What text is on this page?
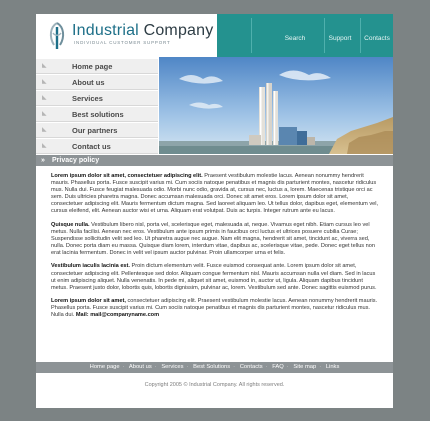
Industrial Company
INDIVIDUAL CUSTOMER SUPPORT
Search	Support	Contacts
◣	Home page
◣	About us
◣	Services
◣	Best solutions
◣	Our partners
◣	Contact us
» Privacy policy

Lorem ipsum dolor sit amet, consectetuer adipiscing elit. Praesent vestibulum molestie lacus. Aenean nonummy hendrerit mauris. Phasellus porta. Fusce suscipit varius mi. Cum sociis natoque penatibus et magnis dis parturient montes, nascetur ridiculus mus. Nulla dui. Fusce feugiat malesuada odio. Morbi nunc odio, gravida at, cursus nec, luctus a, lorem. Maecenas tristique orci ac sem. Duis ultricies pharetra magna. Donec accumsan malesuada orci. Donec sit amet eros. Lorem ipsum dolor sit amet, consectetuer adipiscing elit. Mauris fermentum dictum magna. Sed laoreet aliquam leo. Ut tellus dolor, dapibus eget, elementum vel, cursus eleifend, elit. Aenean auctor wisi et urna. Aliquam erat volutpat. Duis ac turpis. Integer rutrum ante eu lacus.

Quisque nulla. Vestibulum libero nisl, porta vel, scelerisque eget, malesuada at, neque. Vivamus eget nibh. Etiam cursus leo vel metus. Nulla facilisi. Aenean nec eros. Vestibulum ante ipsum primis in faucibus orci luctus et ultrices posuere cubilia Curae; Suspendisse sollicitudin velit sed leo. Ut pharetra augue nec augue. Nam elit magna, hendrerit sit amet, tincidunt ac, viverra sed, nulla. Donec porta diam eu massa. Quisque diam lorem, interdum vitae, dapibus ac, scelerisque vitae, pede. Donec eget tellus non erat lacinia fermentum. Donec in velit vel ipsum auctor pulvinar. Proin ullamcorper urna et felis.

Vestibulum iaculis lacinia est. Proin dictum elementum velit. Fusce euismod consequat ante. Lorem ipsum dolor sit amet, consectetuer adipiscing elit. Pellentesque sed dolor. Aliquam congue fermentum nisl. Mauris accumsan nulla vel diam. Sed in lacus ut enim adipiscing aliquet. Nulla venenatis. In pede mi, aliquet sit amet, euismod in, auctor ut, ligula. Aliquam dapibus tincidunt metus. Praesent justo dolor, lobortis quis, lobortis dignissim, pulvinar ac, lorem. Vestibulum sed ante. Donec sagittis euismod purus.

Lorem ipsum dolor sit amet, consectetuer adipiscing elit. Praesent vestibulum molestie lacus. Aenean nonummy hendrerit mauris. Phasellus porta. Fusce suscipit varius mi. Cum sociis natoque penatibus et magnis dis parturient montes, nascetur ridiculus mus. Nulla dui. Mail: mail@companyname.com

Home page · About us · Services · Best Solutions · Contacts · FAQ · Site map · Links
Copyright 2005 © Industrial Company. All rights reserved.
